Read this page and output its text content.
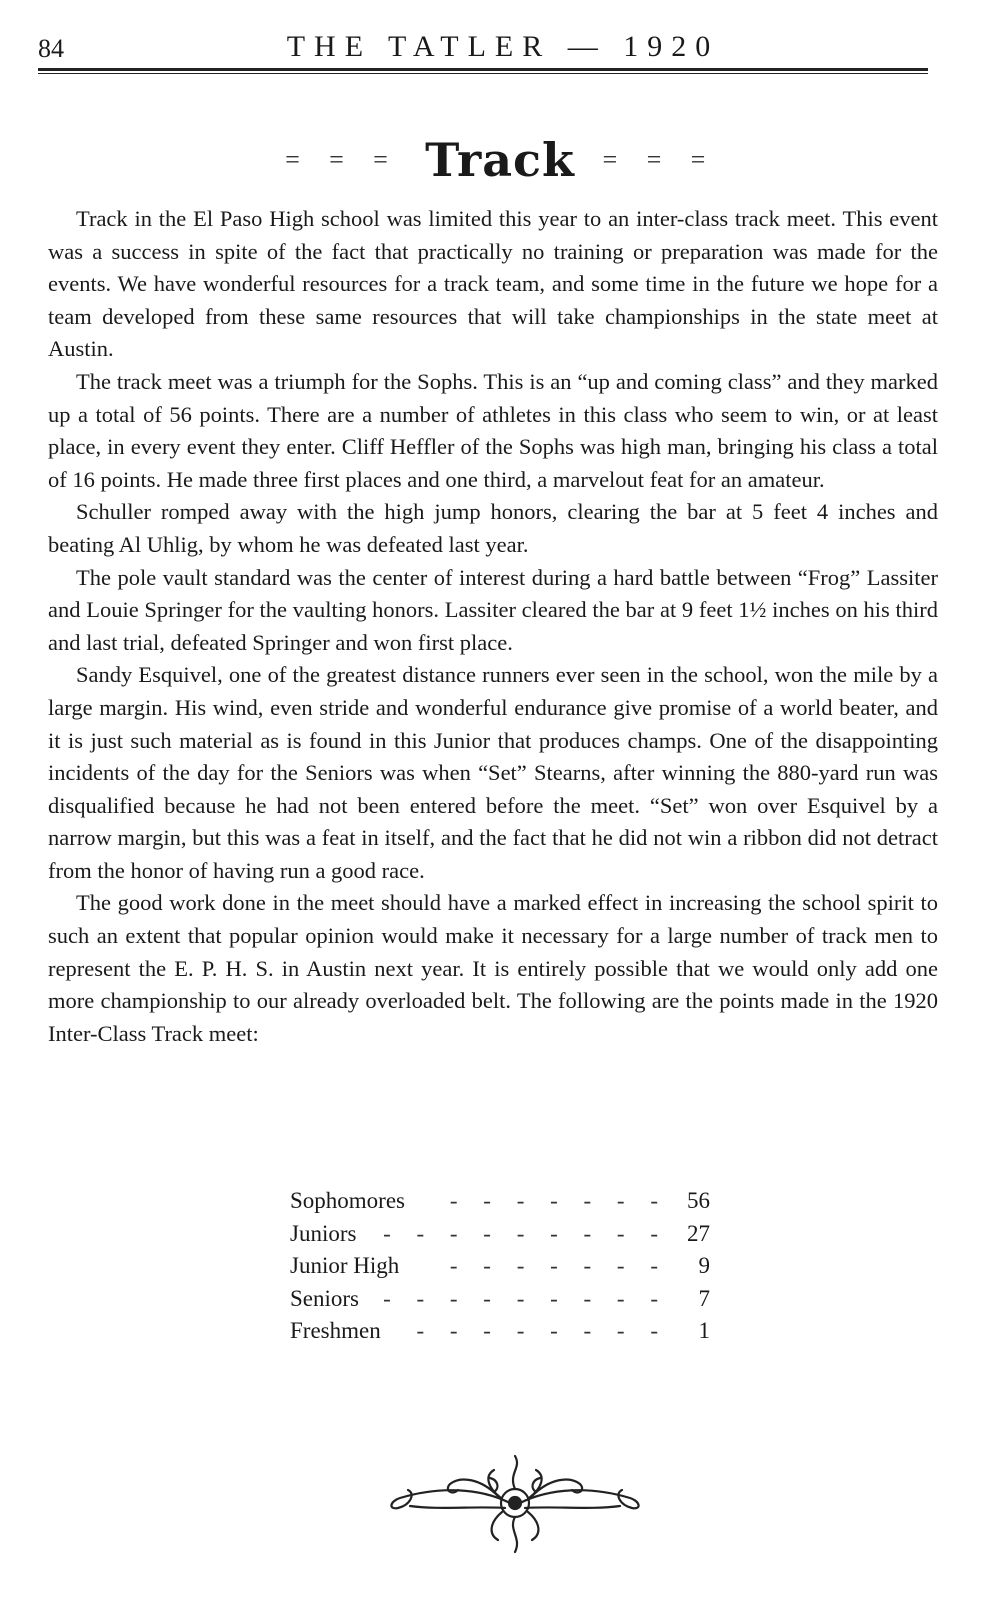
84	THE TATLER — 1920
= = = Track = = =

Track in the El Paso High school was limited this year to an inter-class track meet. This event was a success in spite of the fact that practically no training or preparation was made for the events. We have wonderful resources for a track team, and some time in the future we hope for a team developed from these same resources that will take championships in the state meet at Austin.

The track meet was a triumph for the Sophs. This is an “up and coming class” and they marked up a total of 56 points. There are a number of athletes in this class who seem to win, or at least place, in every event they enter. Cliff Heffler of the Sophs was high man, bringing his class a total of 16 points. He made three first places and one third, a marvelout feat for an amateur.

Schuller romped away with the high jump honors, clearing the bar at 5 feet 4 inches and beating Al Uhlig, by whom he was defeated last year.

The pole vault standard was the center of interest during a hard battle between “Frog” Lassiter and Louie Springer for the vaulting honors. Lassiter cleared the bar at 9 feet 1½ inches on his third and last trial, defeated Springer and won first place.

Sandy Esquivel, one of the greatest distance runners ever seen in the school, won the mile by a large margin. His wind, even stride and wonderful endurance give promise of a world beater, and it is just such material as is found in this Junior that produces champs. One of the disappointing incidents of the day for the Seniors was when “Set” Stearns, after winning the 880-yard run was disqualified because he had not been entered before the meet. “Set” won over Esquivel by a narrow margin, but this was a feat in itself, and the fact that he did not win a ribbon did not detract from the honor of having run a good race.

The good work done in the meet should have a marked effect in increasing the school spirit to such an extent that popular opinion would make it necessary for a large number of track men to represent the E. P. H. S. in Austin next year. It is entirely possible that we would only add one more championship to our already overloaded belt. The following are the points made in the 1920 Inter-Class Track meet:

Sophomores	- - - - - - - 56
Juniors	- - - - - - - - - 27
Junior High	- - - - - - -	9
Seniors	- - - - - - - - -	7
Freshmen	- - - - - - - -	1
